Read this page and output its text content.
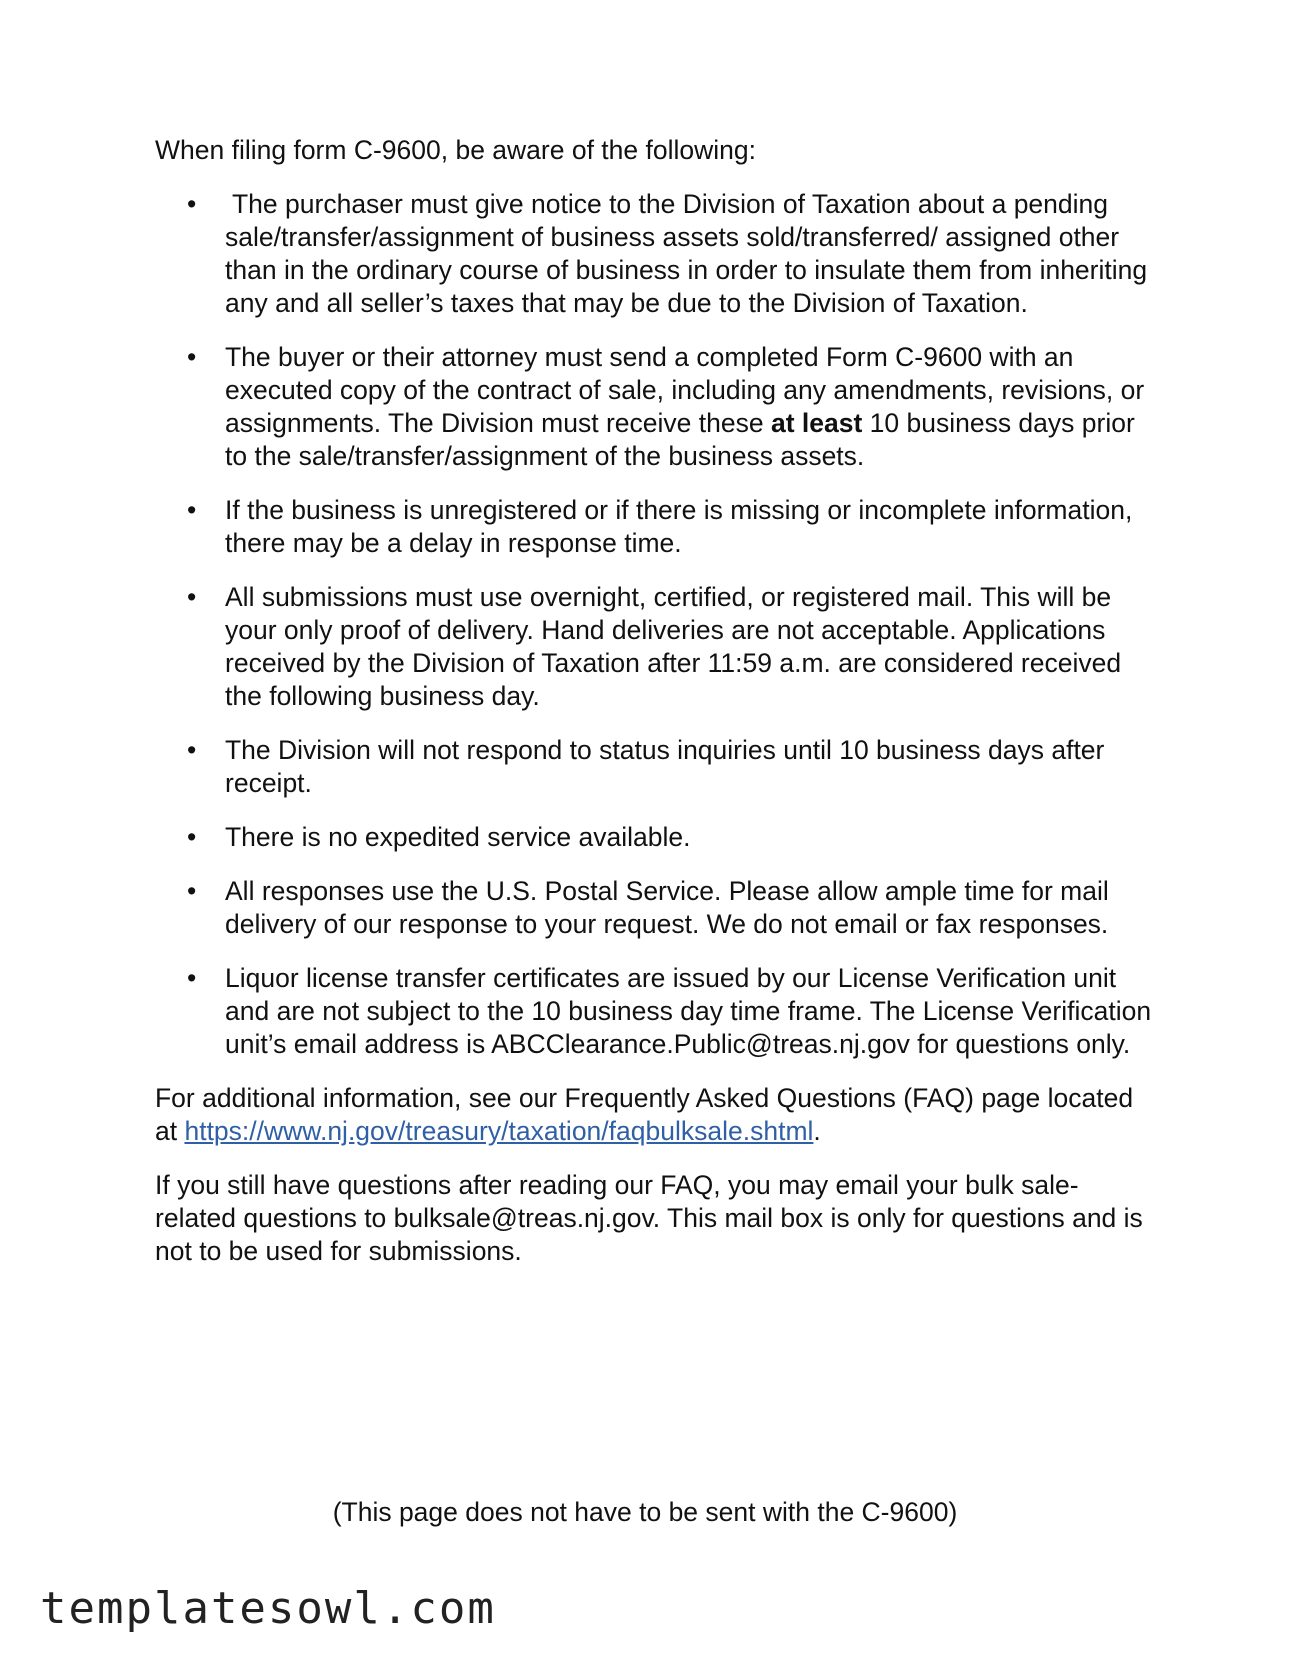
When filing form C-9600, be aware of the following:
• The purchaser must give notice to the Division of Taxation about a pending sale/transfer/assignment of business assets sold/transferred/ assigned other than in the ordinary course of business in order to insulate them from inheriting any and all seller’s taxes that may be due to the Division of Taxation.
• The buyer or their attorney must send a completed Form C-9600 with an executed copy of the contract of sale, including any amendments, revisions, or assignments. The Division must receive these at least 10 business days prior to the sale/transfer/assignment of the business assets.
• If the business is unregistered or if there is missing or incomplete information, there may be a delay in response time.
• All submissions must use overnight, certified, or registered mail. This will be your only proof of delivery. Hand deliveries are not acceptable. Applications received by the Division of Taxation after 11:59 a.m. are considered received the following business day.
• The Division will not respond to status inquiries until 10 business days after receipt.
• There is no expedited service available.
• All responses use the U.S. Postal Service. Please allow ample time for mail delivery of our response to your request. We do not email or fax responses.
• Liquor license transfer certificates are issued by our License Verification unit and are not subject to the 10 business day time frame. The License Verification unit’s email address is ABCClearance.Public@treas.nj.gov for questions only.

For additional information, see our Frequently Asked Questions (FAQ) page located at https://www.nj.gov/treasury/taxation/faqbulksale.shtml.

If you still have questions after reading our FAQ, you may email your bulk sale-related questions to bulksale@treas.nj.gov. This mail box is only for questions and is not to be used for submissions.

(This page does not have to be sent with the C-9600)
templatesowl.com
